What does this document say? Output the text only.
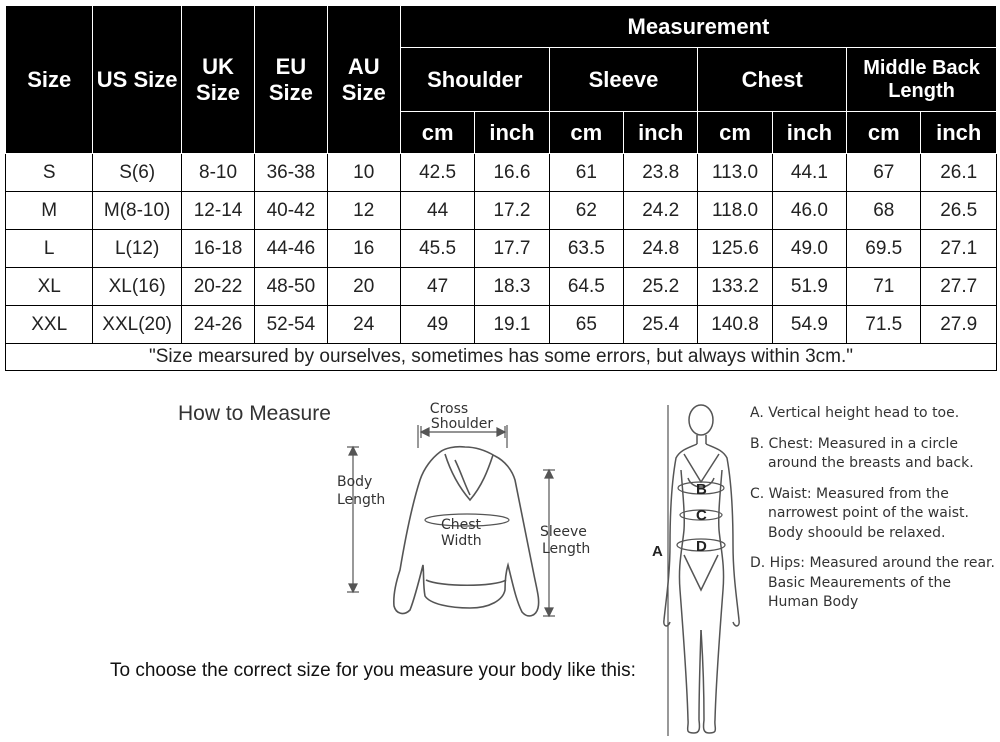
Size	US Size	UK Size	EU Size	AU Size	Measurement							
					Shoulder		Sleeve		Chest		Middle Back Length	
					cm	inch	cm	inch	cm	inch	cm	inch
S	S(6)	8-10	36-38	10	42.5	16.6	61	23.8	113.0	44.1	67	26.1
M	M(8-10)	12-14	40-42	12	44	17.2	62	24.2	118.0	46.0	68	26.5
L	L(12)	16-18	44-46	16	45.5	17.7	63.5	24.8	125.6	49.0	69.5	27.1
XL	XL(16)	20-22	48-50	20	47	18.3	64.5	25.2	133.2	51.9	71	27.7
XXL	XXL(20)	24-26	52-54	24	49	19.1	65	25.4	140.8	54.9	71.5	27.9
"Size mearsured by ourselves, sometimes has some errors, but always within 3cm."												
How to Measure
To choose the correct size for you measure your body like this:
Cross
Shoulder
Body
Length
Chest
Width
Sleeve
Length	A
B
C
D

A. Vertical height head to toe.

B. Chest: Measured in a circle around the breasts and back.

C. Waist: Measured from the narrowest point of the waist. Body shoould be relaxed.

D. Hips: Measured around the rear. Basic Meaurements of the Human Body
